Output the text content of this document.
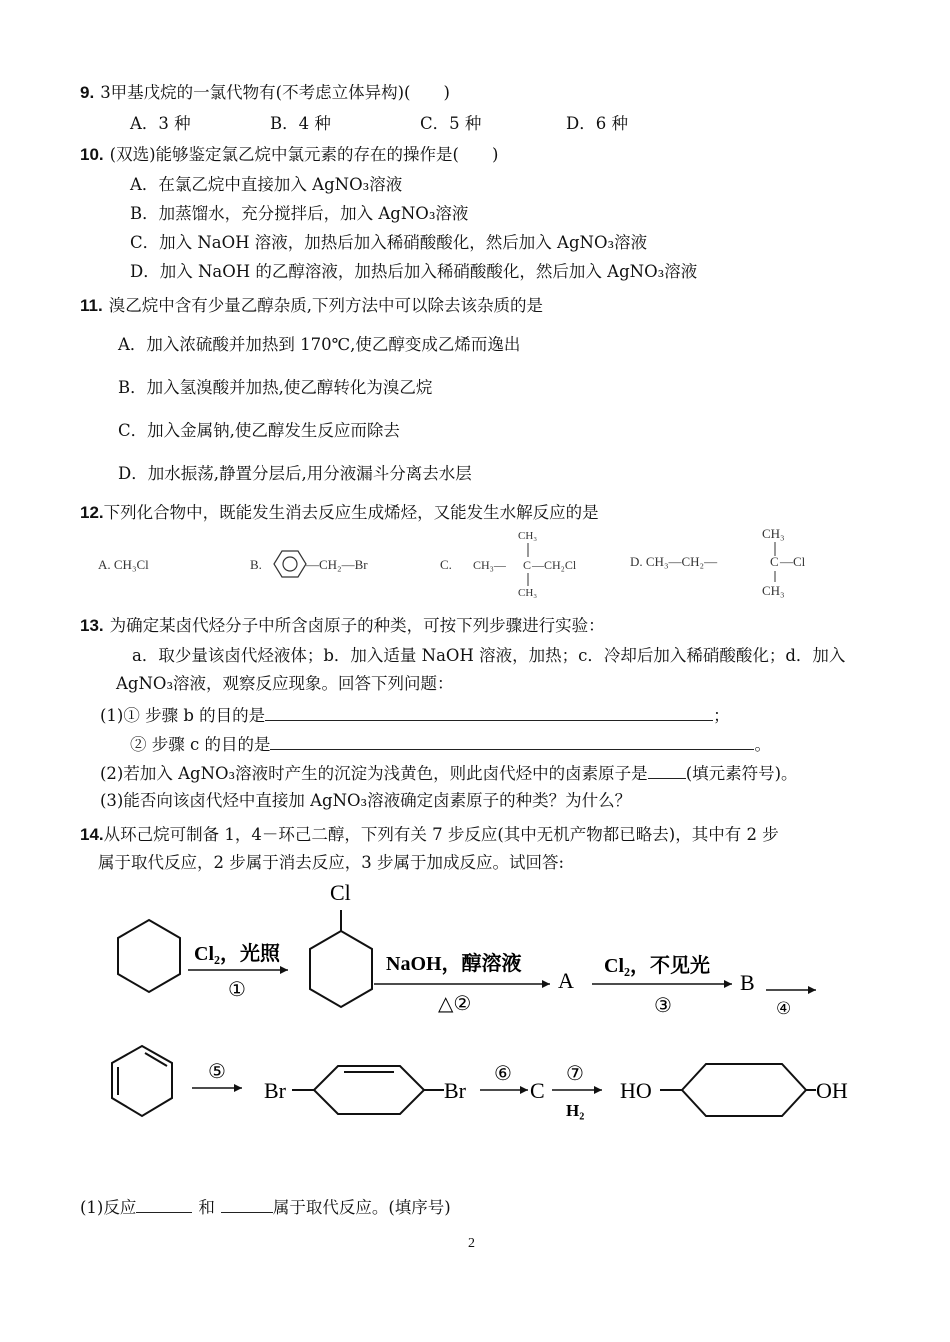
9. 3甲基戊烷的一氯代物有(不考虑立体异构)(　　)
A．3 种	B．4 种	C．5 种	D．6 种
10. (双选)能够鉴定氯乙烷中氯元素的存在的操作是(　　)
A．在氯乙烷中直接加入 AgNO₃溶液
B．加蒸馏水，充分搅拌后，加入 AgNO₃溶液
C．加入 NaOH 溶液，加热后加入稀硝酸酸化，然后加入 AgNO₃溶液
D．加入 NaOH 的乙醇溶液，加热后加入稀硝酸酸化，然后加入 AgNO₃溶液
11. 溴乙烷中含有少量乙醇杂质,下列方法中可以除去该杂质的是
A．加入浓硫酸并加热到 170℃,使乙醇变成乙烯而逸出
B．加入氢溴酸并加热,使乙醇转化为溴乙烷
C．加入金属钠,使乙醇发生反应而除去
D．加水振荡,静置分层后,用分液漏斗分离去水层
12.下列化合物中，既能发生消去反应生成烯烃，又能发生水解反应的是
A. CH₃Cl	B.	—CH₂—Br	C.
CH₃
CH₃— C —CH₂Cl
CH₃
CH₃
D. CH₃—CH₂—	C —Cl
CH₃
13. 为确定某卤代烃分子中所含卤原子的种类，可按下列步骤进行实验：
a．取少量该卤代烃液体；b．加入适量 NaOH 溶液，加热；c．冷却后加入稀硝酸酸化；d．加入
AgNO₃溶液，观察反应现象。回答下列问题：
(1)① 步骤 b 的目的是	；
② 步骤 c 的目的是	。
(2)若加入 AgNO₃溶液时产生的沉淀为浅黄色，则此卤代烃中的卤素原子是 (填元素符号)。
(3)能否向该卤代烃中直接加 AgNO₃溶液确定卤素原子的种类？为什么？
14.从环己烷可制备 1，4－环己二醇，下列有关 7 步反应(其中无机产物都已略去)，其中有 2 步
属于取代反应，2 步属于消去反应，3 步属于加成反应。试回答:
Cl₂，光照
①
Cl
NaOH，醇溶液
△②
A
Cl₂，不见光
③
B
④
⑤
Br	Br
⑥
C
⑦
H₂
HO	OH
(1)反应	和	属于取代反应。(填序号)
2
